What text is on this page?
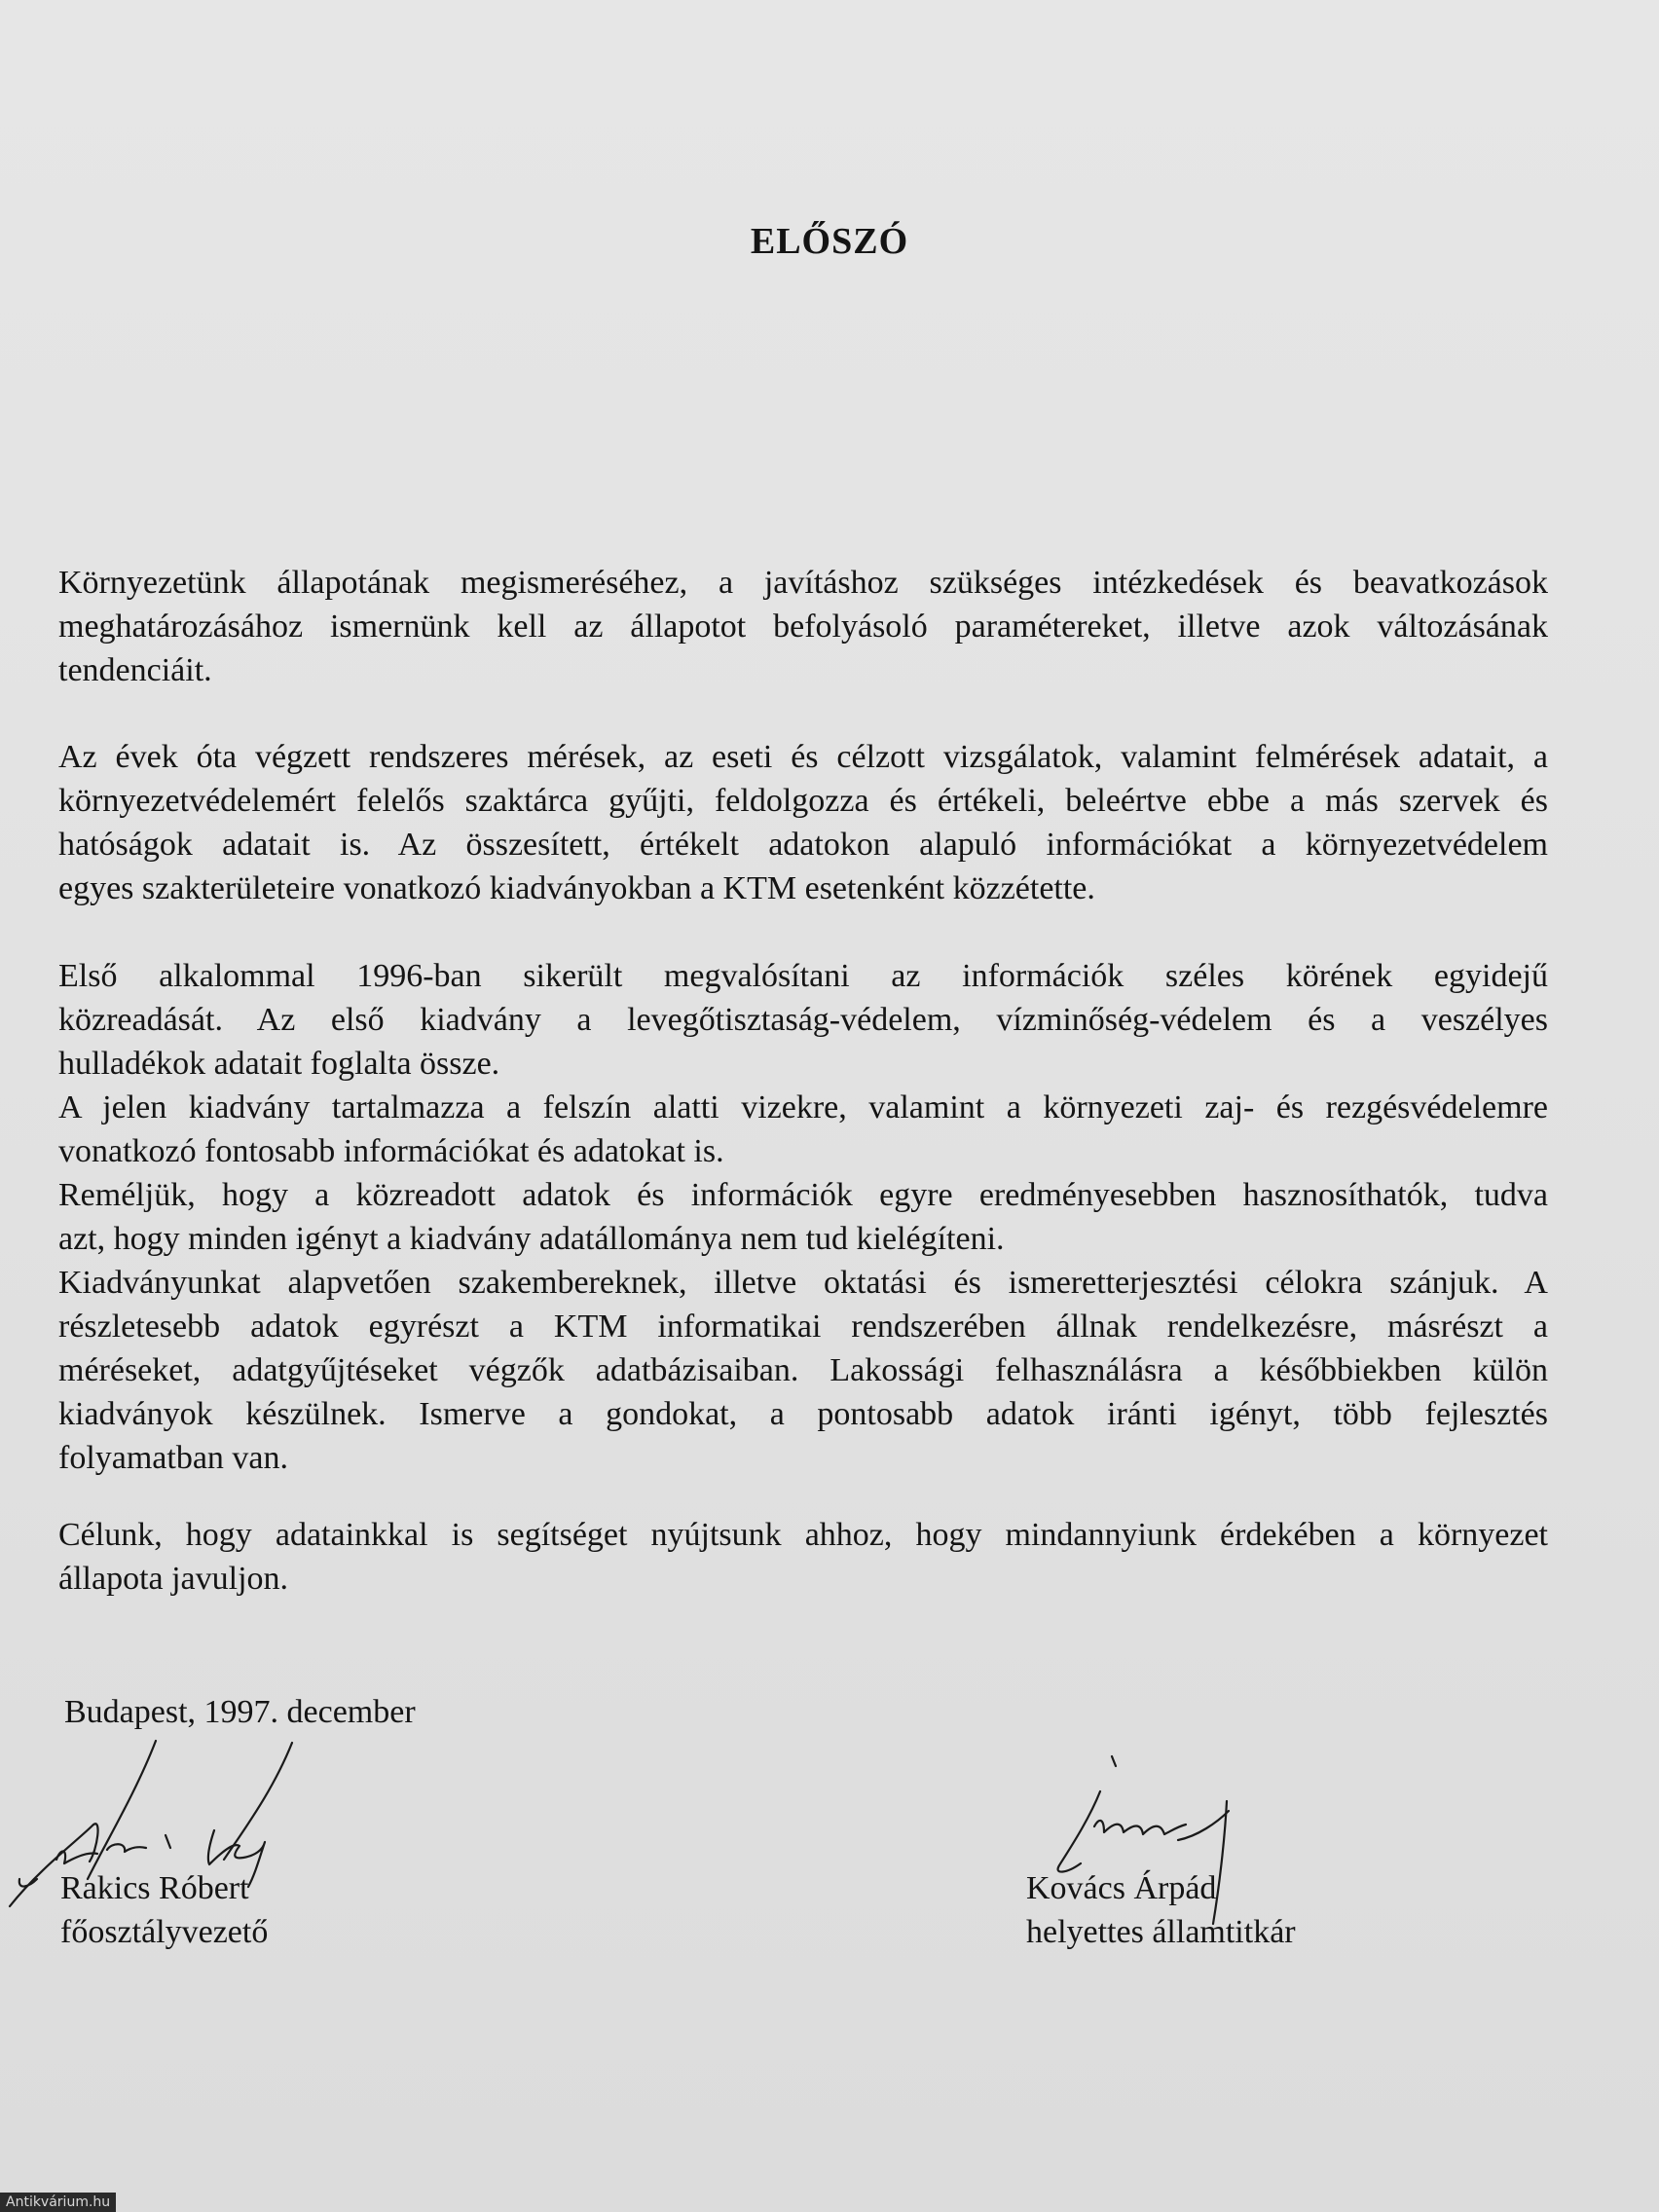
ELŐSZÓ
Környezetünk állapotának megismeréséhez, a javításhoz szükséges intézkedések és beavatkozások
meghatározásához ismernünk kell az állapotot befolyásoló paramétereket, illetve azok változásának
tendenciáit.
Az évek óta végzett rendszeres mérések, az eseti és célzott vizsgálatok, valamint felmérések adatait, a
környezetvédelemért felelős szaktárca gyűjti, feldolgozza és értékeli, beleértve ebbe a más szervek és
hatóságok adatait is. Az összesített, értékelt adatokon alapuló információkat a környezetvédelem
egyes szakterületeire vonatkozó kiadványokban a KTM esetenként közzétette.
Első alkalommal 1996-ban sikerült megvalósítani az információk széles körének egyidejű
közreadását. Az első kiadvány a levegőtisztaság-védelem, vízminőség-védelem és a veszélyes
hulladékok adatait foglalta össze.
A jelen kiadvány tartalmazza a felszín alatti vizekre, valamint a környezeti zaj- és rezgésvédelemre
vonatkozó fontosabb információkat és adatokat is.
Reméljük, hogy a közreadott adatok és információk egyre eredményesebben hasznosíthatók, tudva
azt, hogy minden igényt a kiadvány adatállománya nem tud kielégíteni.
Kiadványunkat alapvetően szakembereknek, illetve oktatási és ismeretterjesztési célokra szánjuk. A
részletesebb adatok egyrészt a KTM informatikai rendszerében állnak rendelkezésre, másrészt a
méréseket, adatgyűjtéseket végzők adatbázisaiban. Lakossági felhasználásra a későbbiekben külön
kiadványok készülnek. Ismerve a gondokat, a pontosabb adatok iránti igényt, több fejlesztés
folyamatban van.
Célunk, hogy adatainkkal is segítséget nyújtsunk ahhoz, hogy mindannyiunk érdekében a környezet
állapota javuljon.
Budapest, 1997. december
Rakics Róbert
főosztályvezető
Kovács Árpád
helyettes államtitkár
Antikvárium.hu
